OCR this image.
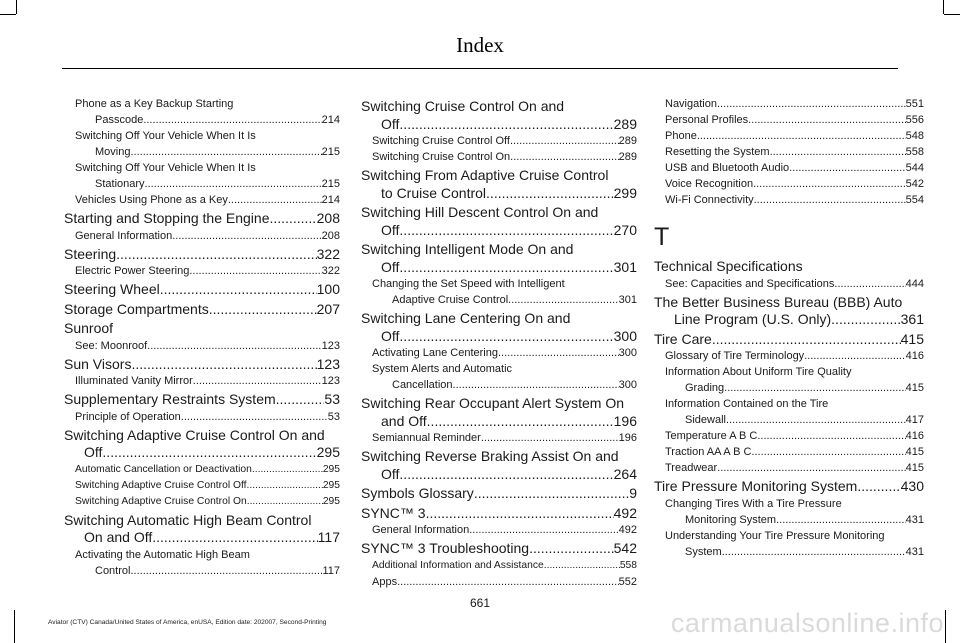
Index
Phone as a Key Backup Starting
Passcode .....	214
Switching Off Your Vehicle When It Is
Moving .....	215
Switching Off Your Vehicle When It Is
Stationary .....	215
Vehicles Using Phone as a Key .....	214
Starting and Stopping the Engine .....	208
General Information .....	208
Steering .....	322
Electric Power Steering .....	322
Steering Wheel .....	100
Storage Compartments .....	207
Sunroof
See: Moonroof .....	123
Sun Visors .....	123
Illuminated Vanity Mirror .....	123
Supplementary Restraints System .....	53
Principle of Operation .....	53
Switching Adaptive Cruise Control On and
Off .....	295
Automatic Cancellation or Deactivation .....	295
Switching Adaptive Cruise Control Off .....	295
Switching Adaptive Cruise Control On .....	295
Switching Automatic High Beam Control
On and Off .....	117
Activating the Automatic High Beam
Control .....	117
Switching Cruise Control On and
Off .....	289
Switching Cruise Control Off .....	289
Switching Cruise Control On .....	289
Switching From Adaptive Cruise Control
to Cruise Control .....	299
Switching Hill Descent Control On and
Off .....	270
Switching Intelligent Mode On and
Off .....	301
Changing the Set Speed with Intelligent
Adaptive Cruise Control .....	301
Switching Lane Centering On and
Off .....	300
Activating Lane Centering .....	300
System Alerts and Automatic
Cancellation .....	300
Switching Rear Occupant Alert System On
and Off .....	196
Semiannual Reminder .....	196
Switching Reverse Braking Assist On and
Off .....	264
Symbols Glossary .....	9
SYNC™ 3 .....	492
General Information .....	492
SYNC™ 3 Troubleshooting .....	542
Additional Information and Assistance .....	558
Apps .....	552
Navigation .....	551
Personal Profiles .....	556
Phone .....	548
Resetting the System .....	558
USB and Bluetooth Audio .....	544
Voice Recognition .....	542
Wi-Fi Connectivity .....	554
T
Technical Specifications
See: Capacities and Specifications .....	444
The Better Business Bureau (BBB) Auto
Line Program (U.S. Only) .....	361
Tire Care .....	415
Glossary of Tire Terminology .....	416
Information About Uniform Tire Quality
Grading .....	415
Information Contained on the Tire
Sidewall .....	417
Temperature A B C .....	416
Traction AA A B C .....	415
Treadwear .....	415
Tire Pressure Monitoring System .....	430
Changing Tires With a Tire Pressure
Monitoring System .....	431
Understanding Your Tire Pressure Monitoring
System .....	431
661
Aviator (CTV) Canada/United States of America, enUSA, Edition date: 202007, Second-Printing	carmanualsonline.info
